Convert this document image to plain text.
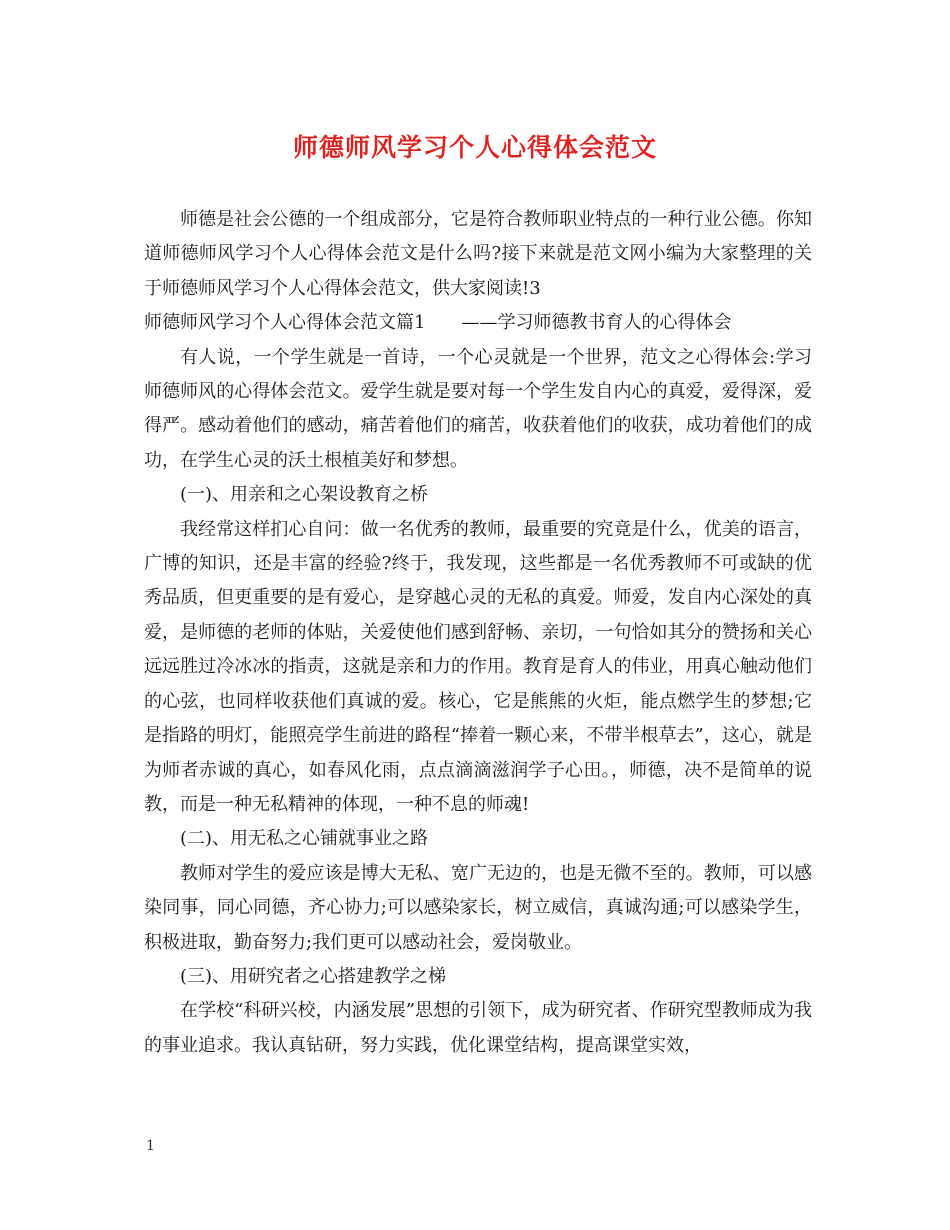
师德师风学习个人心得体会范文

师德是社会公德的一个组成部分，它是符合教师职业特点的一种行业公德。你知道师德师风学习个人心得体会范文是什么吗?接下来就是范文网小编为大家整理的关于师德师风学习个人心得体会范文，供大家阅读!3

师德师风学习个人心得体会范文篇1　　——学习师德教书育人的心得体会

有人说，一个学生就是一首诗，一个心灵就是一个世界，范文之心得体会:学习师德师风的心得体会范文。爱学生就是要对每一个学生发自内心的真爱，爱得深，爱得严。感动着他们的感动，痛苦着他们的痛苦，收获着他们的收获，成功着他们的成功，在学生心灵的沃土根植美好和梦想。

(一)、用亲和之心架设教育之桥

我经常这样扪心自问：做一名优秀的教师，最重要的究竟是什么，优美的语言，广博的知识，还是丰富的经验?终于，我发现，这些都是一名优秀教师不可或缺的优秀品质，但更重要的是有爱心，是穿越心灵的无私的真爱。师爱，发自内心深处的真爱，是师德的老师的体贴，关爱使他们感到舒畅、亲切，一句恰如其分的赞扬和关心远远胜过冷冰冰的指责，这就是亲和力的作用。教育是育人的伟业，用真心触动他们的心弦，也同样收获他们真诚的爱。核心，它是熊熊的火炬，能点燃学生的梦想;它是指路的明灯，能照亮学生前进的路程“捧着一颗心来，不带半根草去”，这心，就是为师者赤诚的真心，如春风化雨，点点滴滴滋润学子心田。，师德，决不是简单的说教，而是一种无私精神的体现，一种不息的师魂!

(二)、用无私之心铺就事业之路

教师对学生的爱应该是博大无私、宽广无边的，也是无微不至的。教师，可以感染同事，同心同德，齐心协力;可以感染家长，树立威信，真诚沟通;可以感染学生，积极进取，勤奋努力;我们更可以感动社会，爱岗敬业。

(三)、用研究者之心搭建教学之梯

在学校“科研兴校，内涵发展”思想的引领下，成为研究者、作研究型教师成为我的事业追求。我认真钻研，努力实践，优化课堂结构，提高课堂实效，

1
